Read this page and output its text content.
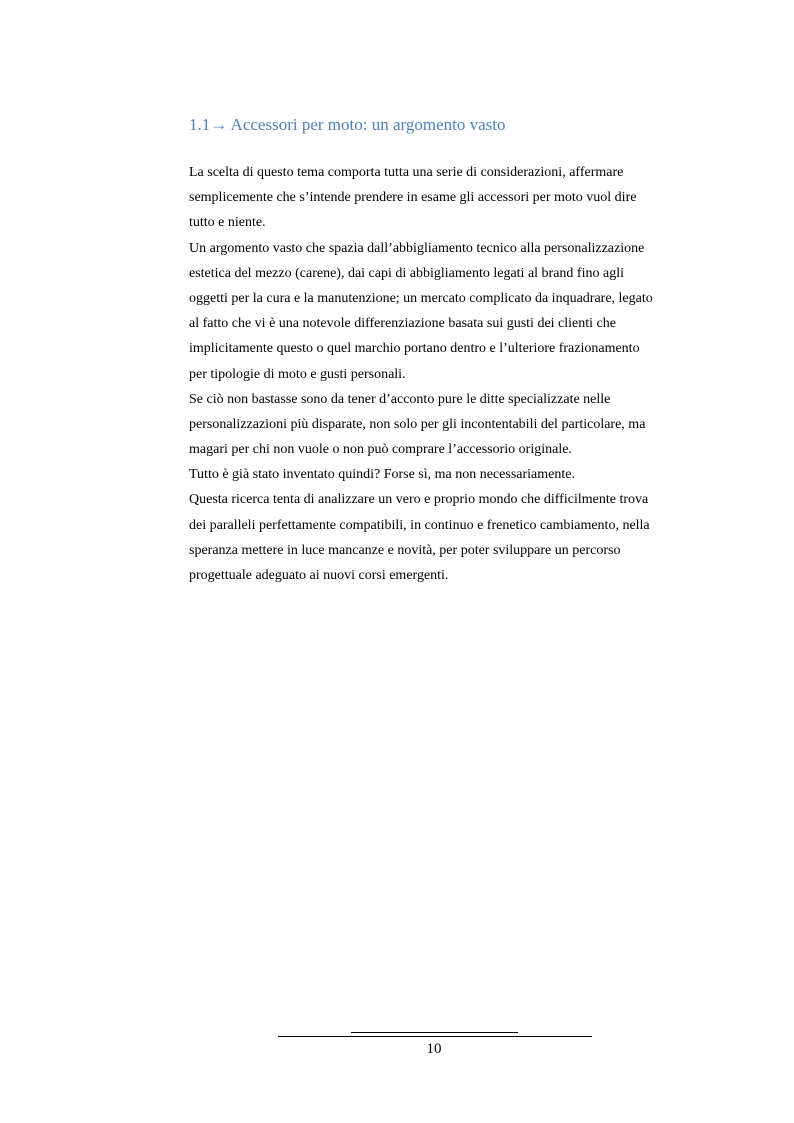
1.1→ Accessori per moto: un argomento vasto
La scelta di questo tema comporta tutta una serie di considerazioni, affermare
semplicemente che s’intende prendere in esame gli accessori per moto vuol dire
tutto e niente.
Un argomento vasto che spazia dall’abbigliamento tecnico alla personalizzazione
estetica del mezzo (carene), dai capi di abbigliamento legati al brand fino agli
oggetti per la cura e la manutenzione; un mercato complicato da inquadrare, legato
al fatto che vi è una notevole differenziazione basata sui gusti dei clienti che
implicitamente questo o quel marchio portano dentro e l’ulteriore frazionamento
per tipologie di moto e gusti personali.
Se ciò non bastasse sono da tener d’acconto pure le ditte specializzate nelle
personalizzazioni più disparate, non solo per gli incontentabili del particolare, ma
magari per chi non vuole o non può comprare l’accessorio originale.
Tutto è già stato inventato quindi? Forse sì, ma non necessariamente.
Questa ricerca tenta di analizzare un vero e proprio mondo che difficilmente trova
dei paralleli perfettamente compatibili, in continuo e frenetico cambiamento, nella
speranza mettere in luce mancanze e novità, per poter sviluppare un percorso
progettuale adeguato ai nuovi corsi emergenti.
10
